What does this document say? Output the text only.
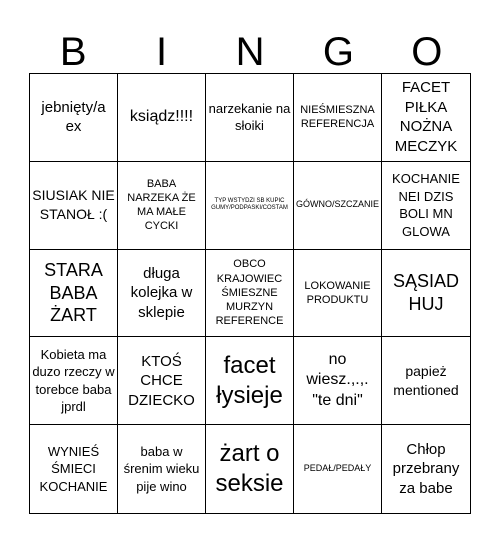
B	I	N	G	O
jebnięty/a ex
ksiądz!!!!	narzekanie na słoiki
NIEŚMIESZNA REFERENCJA
FACET PIŁKA NOŻNA MECZYK
SIUSIAK NIE STANOŁ :(
BABA NARZEKA ŻE MA MAŁE CYCKI
TYP WSTYDZI SB KUPIC GUMY/PODPASKI/COSTAM GÓWNO/SZCZANIE
KOCHANIE NEI DZIS BOLI MN GLOWA
STARA BABA ŻART
długa kolejka w sklepie
OBCO KRAJOWIEC ŚMIESZNE MURZYN REFERENCE
LOKOWANIE PRODUKTU
SĄSIAD HUJ
Kobieta ma duzo rzeczy w torebce baba jprdl
KTOŚ CHCE DZIECKO
facet łysieje
no wiesz.,.,. "te dni"
papież mentioned
WYNIEŚ ŚMIECI KOCHANIE
baba w śrenim wieku pije wino
żart o seksie
PEDAŁ/PEDAŁY
Chłop przebrany za babe
